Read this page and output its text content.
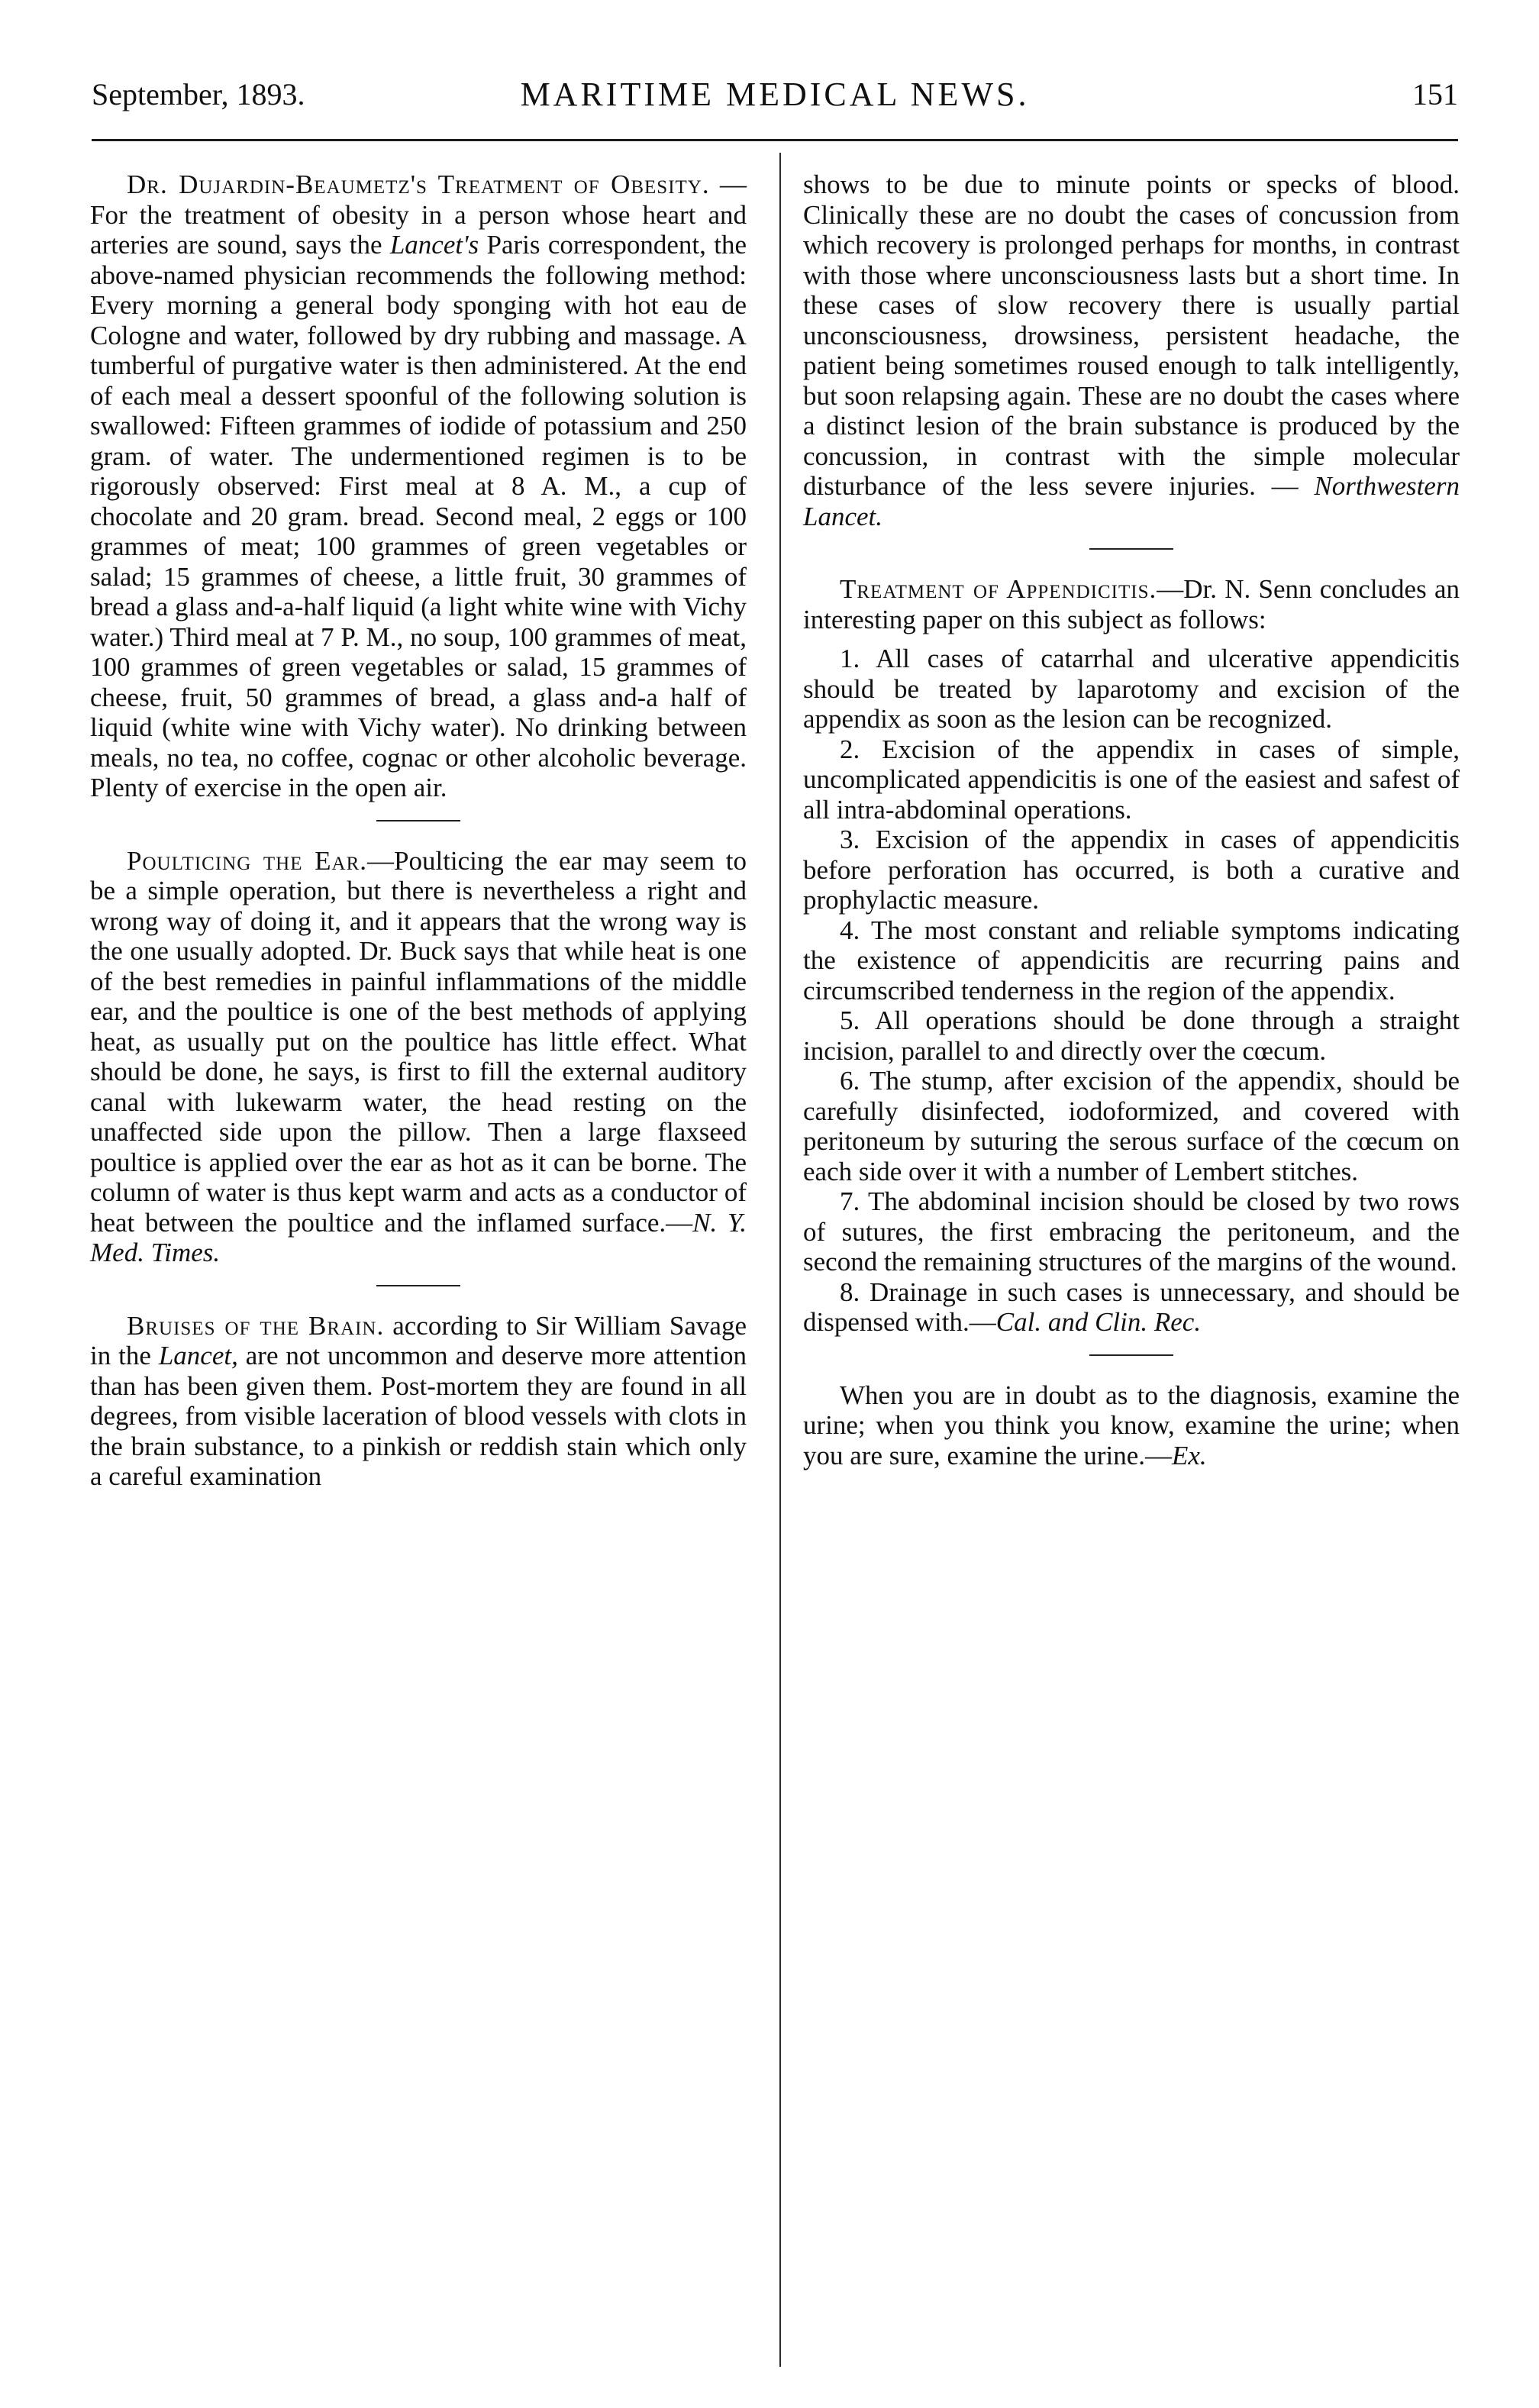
September, 1893.	MARITIME MEDICAL NEWS.	151

Dr. Dujardin-Beaumetz's Treatment of Obesity. — For the treatment of obesity in a person whose heart and arteries are sound, says the Lancet's Paris correspondent, the above-named physician recommends the following method: Every morning a general body sponging with hot eau de Cologne and water, followed by dry rubbing and massage. A tumberful of purgative water is then administered. At the end of each meal a dessert spoonful of the following solution is swallowed: Fifteen grammes of iodide of potassium and 250 gram. of water. The undermentioned regimen is to be rigorously observed: First meal at 8 A. M., a cup of chocolate and 20 gram. bread. Second meal, 2 eggs or 100 grammes of meat; 100 grammes of green vegetables or salad; 15 grammes of cheese, a little fruit, 30 grammes of bread a glass and-a-half liquid (a light white wine with Vichy water.) Third meal at 7 P. M., no soup, 100 grammes of meat, 100 grammes of green vegetables or salad, 15 grammes of cheese, fruit, 50 grammes of bread, a glass and-a half of liquid (white wine with Vichy water). No drinking between meals, no tea, no coffee, cognac or other alcoholic beverage. Plenty of exercise in the open air.

Poulticing the Ear.—Poulticing the ear may seem to be a simple operation, but there is nevertheless a right and wrong way of doing it, and it appears that the wrong way is the one usually adopted. Dr. Buck says that while heat is one of the best remedies in painful inflammations of the middle ear, and the poultice is one of the best methods of applying heat, as usually put on the poultice has little effect. What should be done, he says, is first to fill the external auditory canal with lukewarm water, the head resting on the unaffected side upon the pillow. Then a large flaxseed poultice is applied over the ear as hot as it can be borne. The column of water is thus kept warm and acts as a conductor of heat between the poultice and the inflamed surface.—N. Y. Med. Times.

Bruises of the Brain. according to Sir William Savage in the Lancet, are not uncommon and deserve more attention than has been given them. Post-mortem they are found in all degrees, from visible laceration of blood vessels with clots in the brain substance, to a pinkish or reddish stain which only a careful examination

shows to be due to minute points or specks of blood. Clinically these are no doubt the cases of concussion from which recovery is prolonged perhaps for months, in contrast with those where unconsciousness lasts but a short time. In these cases of slow recovery there is usually partial unconsciousness, drowsiness, persistent headache, the patient being sometimes roused enough to talk intelligently, but soon relapsing again. These are no doubt the cases where a distinct lesion of the brain substance is produced by the concussion, in contrast with the simple molecular disturbance of the less severe injuries. — Northwestern Lancet.

Treatment of Appendicitis.—Dr. N. Senn concludes an interesting paper on this subject as follows:

1. All cases of catarrhal and ulcerative appendicitis should be treated by laparotomy and excision of the appendix as soon as the lesion can be recognized.

2. Excision of the appendix in cases of simple, uncomplicated appendicitis is one of the easiest and safest of all intra-abdominal operations.

3. Excision of the appendix in cases of appendicitis before perforation has occurred, is both a curative and prophylactic measure.

4. The most constant and reliable symptoms indicating the existence of appendicitis are recurring pains and circumscribed tenderness in the region of the appendix.

5. All operations should be done through a straight incision, parallel to and directly over the cœcum.

6. The stump, after excision of the appendix, should be carefully disinfected, iodoformized, and covered with peritoneum by suturing the serous surface of the cœcum on each side over it with a number of Lembert stitches.

7. The abdominal incision should be closed by two rows of sutures, the first embracing the peritoneum, and the second the remaining structures of the margins of the wound.

8. Drainage in such cases is unnecessary, and should be dispensed with.—Cal. and Clin. Rec.

When you are in doubt as to the diagnosis, examine the urine; when you think you know, examine the urine; when you are sure, examine the urine.—Ex.
